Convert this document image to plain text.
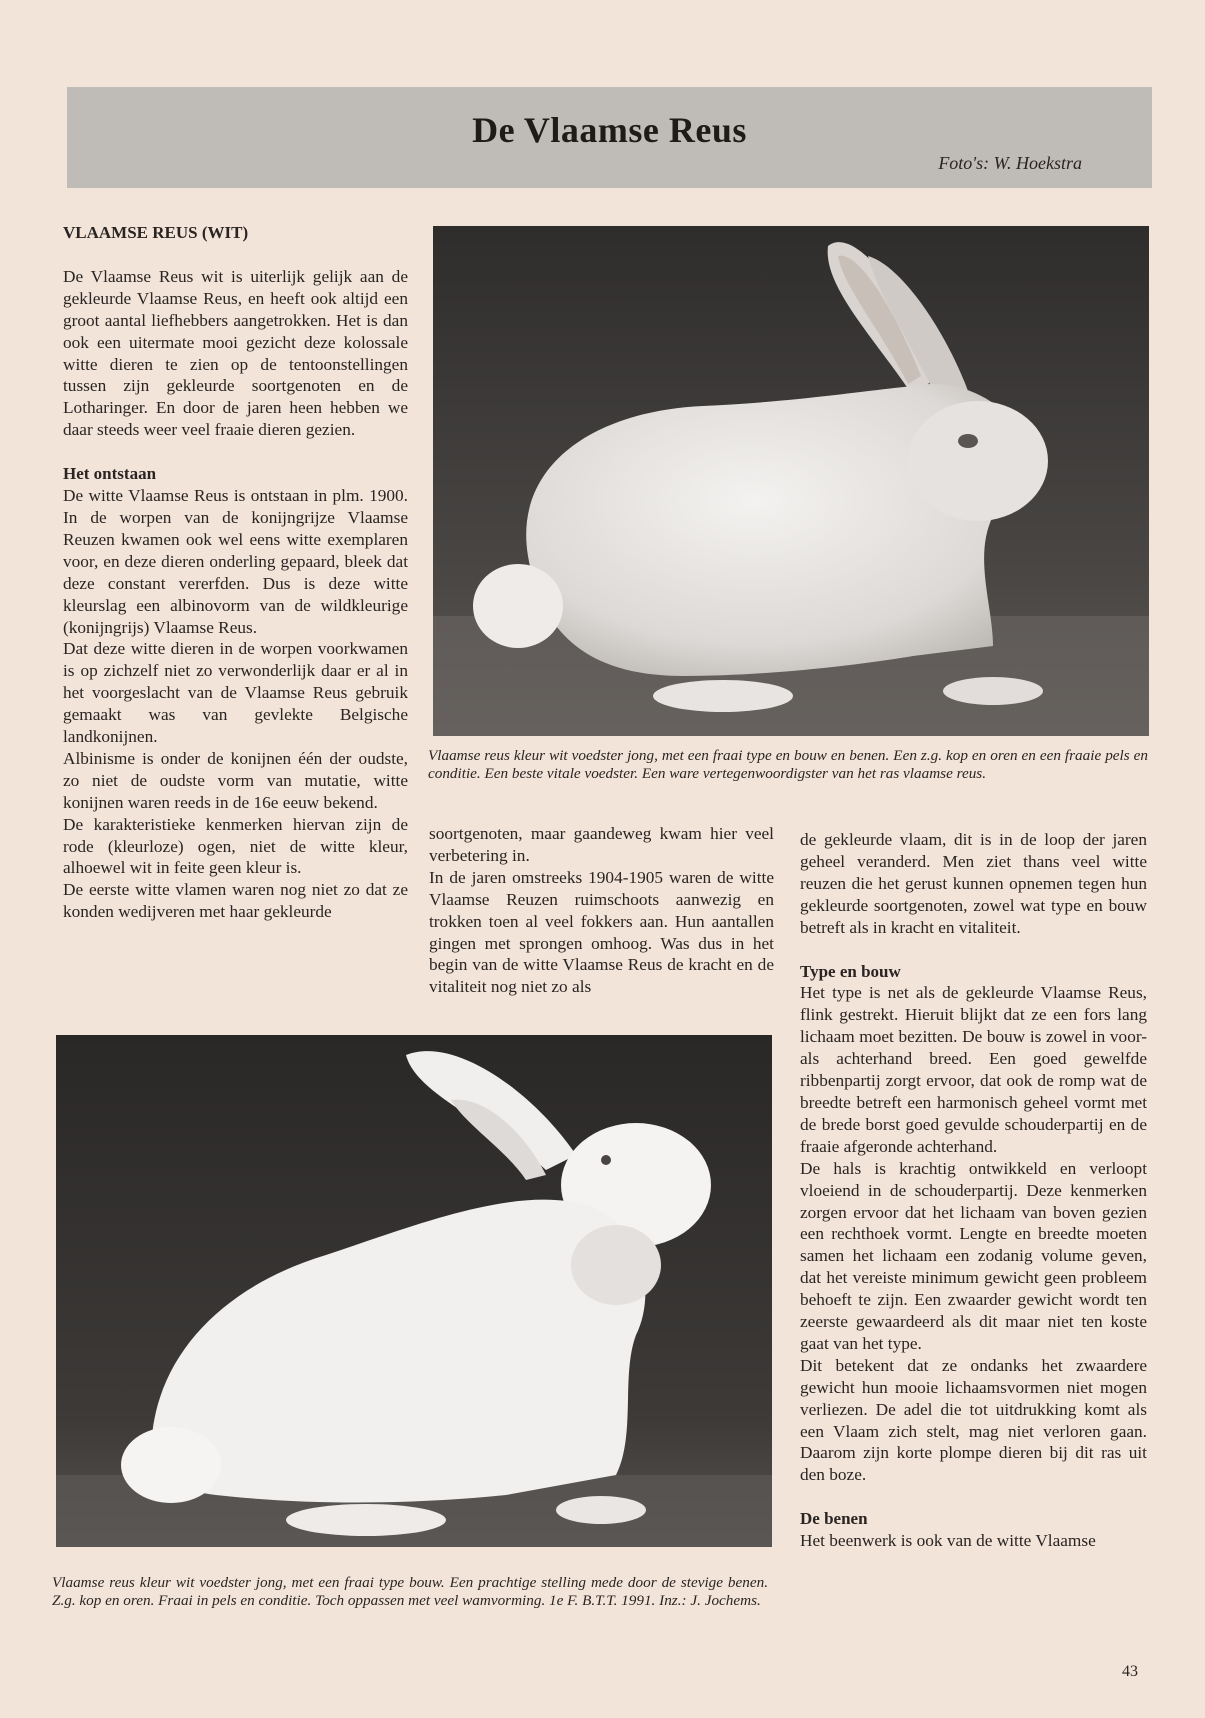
De Vlaamse Reus
Foto's: W. Hoekstra
VLAAMSE REUS (WIT)

De Vlaamse Reus wit is uiterlijk gelijk aan de gekleurde Vlaamse Reus, en heeft ook altijd een groot aantal liefhebbers aangetrokken. Het is dan ook een uitermate mooi gezicht deze kolossale witte dieren te zien op de tentoonstellingen tussen zijn gekleurde soortgenoten en de Lotharinger. En door de jaren heen hebben we daar steeds weer veel fraaie dieren gezien.

Het ontstaan

De witte Vlaamse Reus is ontstaan in plm. 1900. In de worpen van de konijngrijze Vlaamse Reuzen kwamen ook wel eens witte exemplaren voor, en deze dieren onderling gepaard, bleek dat deze constant vererfden. Dus is deze witte kleurslag een albinovorm van de wildkleurige (konijngrijs) Vlaamse Reus.

Dat deze witte dieren in de worpen voorkwamen is op zichzelf niet zo verwonderlijk daar er al in het voorgeslacht van de Vlaamse Reus gebruik gemaakt was van gevlekte Belgische landkonijnen.

Albinisme is onder de konijnen één der oudste, zo niet de oudste vorm van mutatie, witte konijnen waren reeds in de 16e eeuw bekend.

De karakteristieke kenmerken hiervan zijn de rode (kleurloze) ogen, niet de witte kleur, alhoewel wit in feite geen kleur is.

De eerste witte vlamen waren nog niet zo dat ze konden wedijveren met haar gekleurde

Vlaamse reus kleur wit voedster jong, met een fraai type en bouw en benen. Een z.g. kop en oren en een fraaie pels en conditie. Een beste vitale voedster. Een ware vertegenwoordigster van het ras vlaamse reus.

soortgenoten, maar gaandeweg kwam hier veel verbetering in.

In de jaren omstreeks 1904-1905 waren de witte Vlaamse Reuzen ruimschoots aanwezig en trokken toen al veel fokkers aan. Hun aantallen gingen met sprongen omhoog. Was dus in het begin van de witte Vlaamse Reus de kracht en de vitaliteit nog niet zo als

Vlaamse reus kleur wit voedster jong, met een fraai type bouw. Een prachtige stelling mede door de stevige benen. Z.g. kop en oren. Fraai in pels en conditie. Toch oppassen met veel wamvorming. 1e F. B.T.T. 1991. Inz.: J. Jochems.

de gekleurde vlaam, dit is in de loop der jaren geheel veranderd. Men ziet thans veel witte reuzen die het gerust kunnen opnemen tegen hun gekleurde soortgenoten, zowel wat type en bouw betreft als in kracht en vitaliteit.

Type en bouw

Het type is net als de gekleurde Vlaamse Reus, flink gestrekt. Hieruit blijkt dat ze een fors lang lichaam moet bezitten. De bouw is zowel in voor- als achterhand breed. Een goed gewelfde ribbenpartij zorgt ervoor, dat ook de romp wat de breedte betreft een harmonisch geheel vormt met de brede borst goed gevulde schouderpartij en de fraaie afgeronde achterhand.

De hals is krachtig ontwikkeld en verloopt vloeiend in de schouderpartij. Deze kenmerken zorgen ervoor dat het lichaam van boven gezien een rechthoek vormt. Lengte en breedte moeten samen het lichaam een zodanig volume geven, dat het vereiste minimum gewicht geen probleem behoeft te zijn. Een zwaarder gewicht wordt ten zeerste gewaardeerd als dit maar niet ten koste gaat van het type.

Dit betekent dat ze ondanks het zwaardere gewicht hun mooie lichaamsvormen niet mogen verliezen. De adel die tot uitdrukking komt als een Vlaam zich stelt, mag niet verloren gaan. Daarom zijn korte plompe dieren bij dit ras uit den boze.

De benen

Het beenwerk is ook van de witte Vlaamse

43
